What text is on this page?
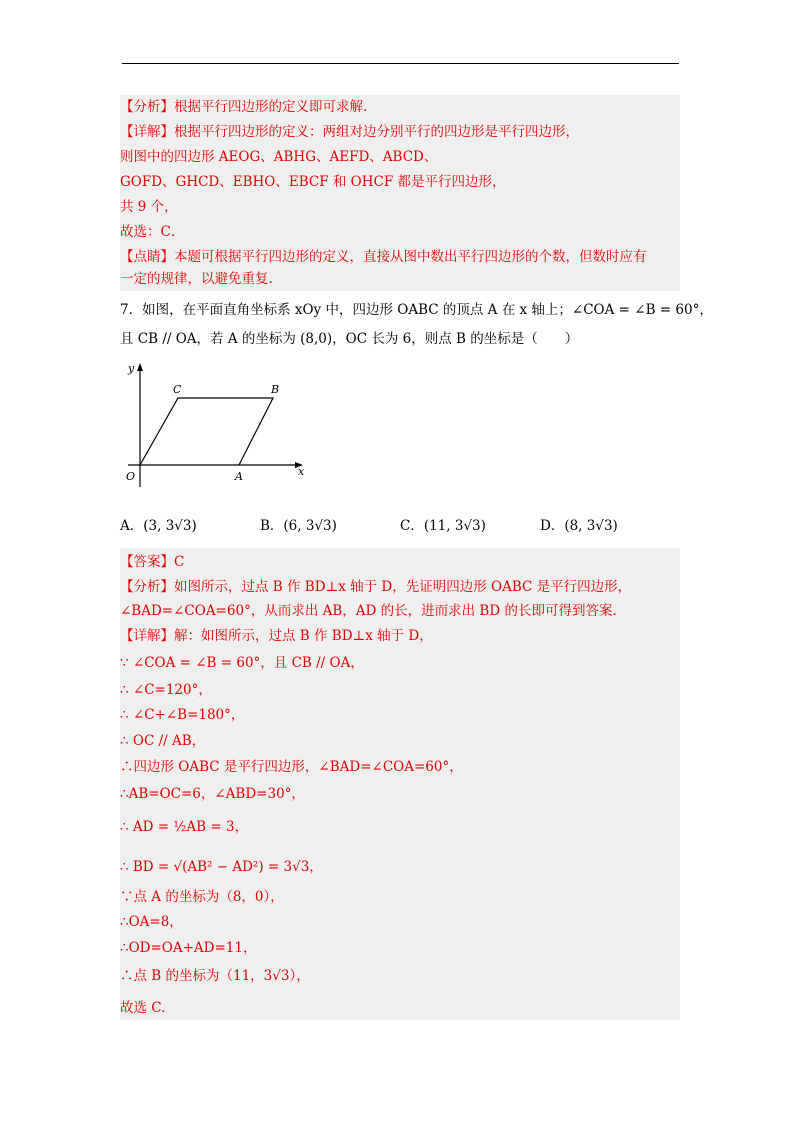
【分析】根据平行四边形的定义即可求解.
【详解】根据平行四边形的定义：两组对边分别平行的四边形是平行四边形，
则图中的四边形 AEOG、ABHG、AEFD、ABCD、
GOFD、GHCD、EBHO、EBCF 和 OHCF 都是平行四边形，
共 9 个，
故选：C．
【点睛】本题可根据平行四边形的定义，直接从图中数出平行四边形的个数，但数时应有
一定的规律，以避免重复.
7．如图，在平面直角坐标系 xOy 中，四边形 OABC 的顶点 A 在 x 轴上；∠COA = ∠B = 60°，
且 CB // OA，若 A 的坐标为 (8,0)，OC 长为 6，则点 B 的坐标是（　　）
y
x
O	A
B
C
A．(3, 3√3)	B．(6, 3√3)	C．(11, 3√3)	D．(8, 3√3)
【答案】C
【分析】如图所示，过点 B 作 BD⊥x 轴于 D，先证明四边形 OABC 是平行四边形，
∠BAD=∠COA=60°，从而求出 AB，AD 的长，进而求出 BD 的长即可得到答案．
【详解】解：如图所示，过点 B 作 BD⊥x 轴于 D，
∵ ∠COA = ∠B = 60°，且 CB // OA，
∴ ∠C=120°，
∴ ∠C+∠B=180°，
∴ OC // AB，
∴四边形 OABC 是平行四边形，∠BAD=∠COA=60°，
∴AB=OC=6，∠ABD=30°，
∴ AD = ½AB = 3，
∴ BD = √(AB² − AD²) = 3√3，
∵点 A 的坐标为（8，0），
∴OA=8，
∴OD=OA+AD=11，
∴点 B 的坐标为（11，3√3），
故选 C.
